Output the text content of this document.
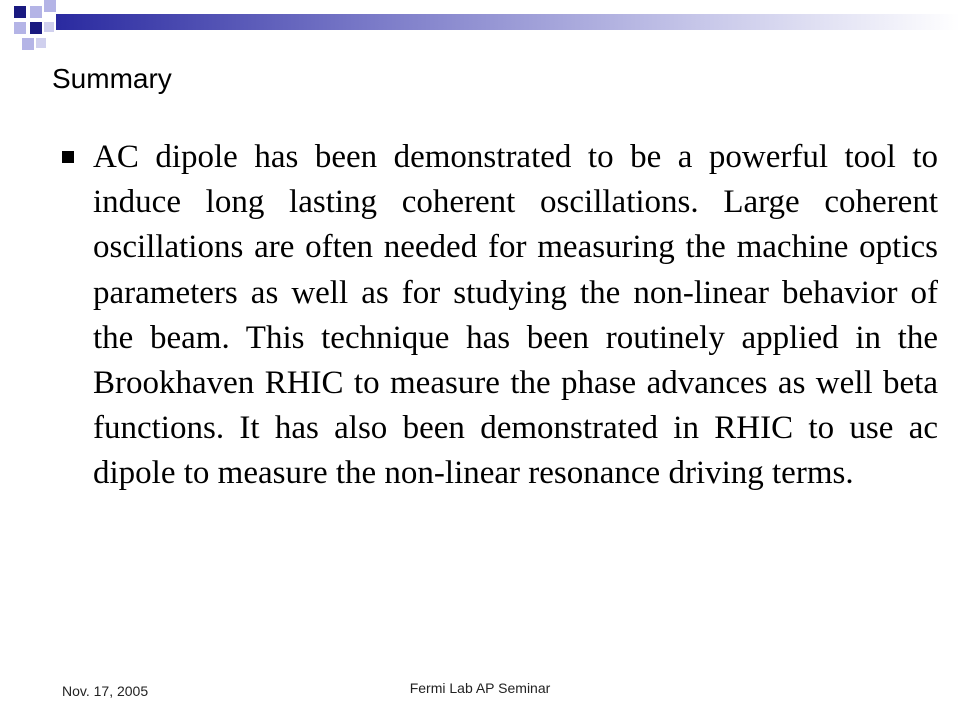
Summary
AC dipole has been demonstrated to be a powerful tool to induce long lasting coherent oscillations. Large coherent oscillations are often needed for measuring the machine optics parameters as well as for studying the non-linear behavior of the beam. This technique has been routinely applied in the Brookhaven RHIC to measure the phase advances as well beta functions. It has also been demonstrated in RHIC to use ac dipole to measure the non-linear resonance driving terms.
Nov. 17, 2005	Fermi Lab AP Seminar
